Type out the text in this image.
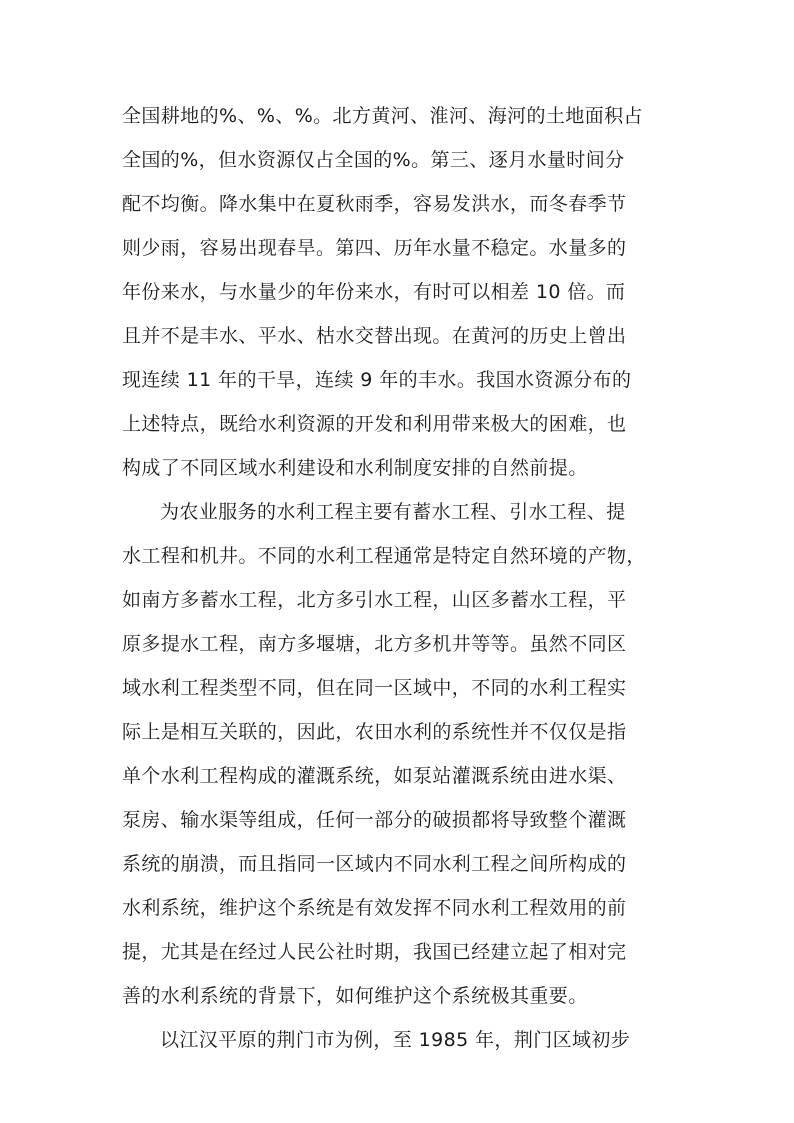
全国耕地的%、%、%。北方黄河、淮河、海河的土地面积占
全国的%，但水资源仅占全国的%。第三、逐月水量时间分
配不均衡。降水集中在夏秋雨季，容易发洪水，而冬春季节
则少雨，容易出现春旱。第四、历年水量不稳定。水量多的
年份来水，与水量少的年份来水，有时可以相差 10 倍。而
且并不是丰水、平水、枯水交替出现。在黄河的历史上曾出
现连续 11 年的干旱，连续 9 年的丰水。我国水资源分布的
上述特点，既给水利资源的开发和利用带来极大的困难，也
构成了不同区域水利建设和水利制度安排的自然前提。
为农业服务的水利工程主要有蓄水工程、引水工程、提
水工程和机井。不同的水利工程通常是特定自然环境的产物，
如南方多蓄水工程，北方多引水工程，山区多蓄水工程，平
原多提水工程，南方多堰塘，北方多机井等等。虽然不同区
域水利工程类型不同，但在同一区域中，不同的水利工程实
际上是相互关联的，因此，农田水利的系统性并不仅仅是指
单个水利工程构成的灌溉系统，如泵站灌溉系统由进水渠、
泵房、输水渠等组成，任何一部分的破损都将导致整个灌溉
系统的崩溃，而且指同一区域内不同水利工程之间所构成的
水利系统，维护这个系统是有效发挥不同水利工程效用的前
提，尤其是在经过人民公社时期，我国已经建立起了相对完
善的水利系统的背景下，如何维护这个系统极其重要。
以江汉平原的荆门市为例，至 1985 年，荆门区域初步
